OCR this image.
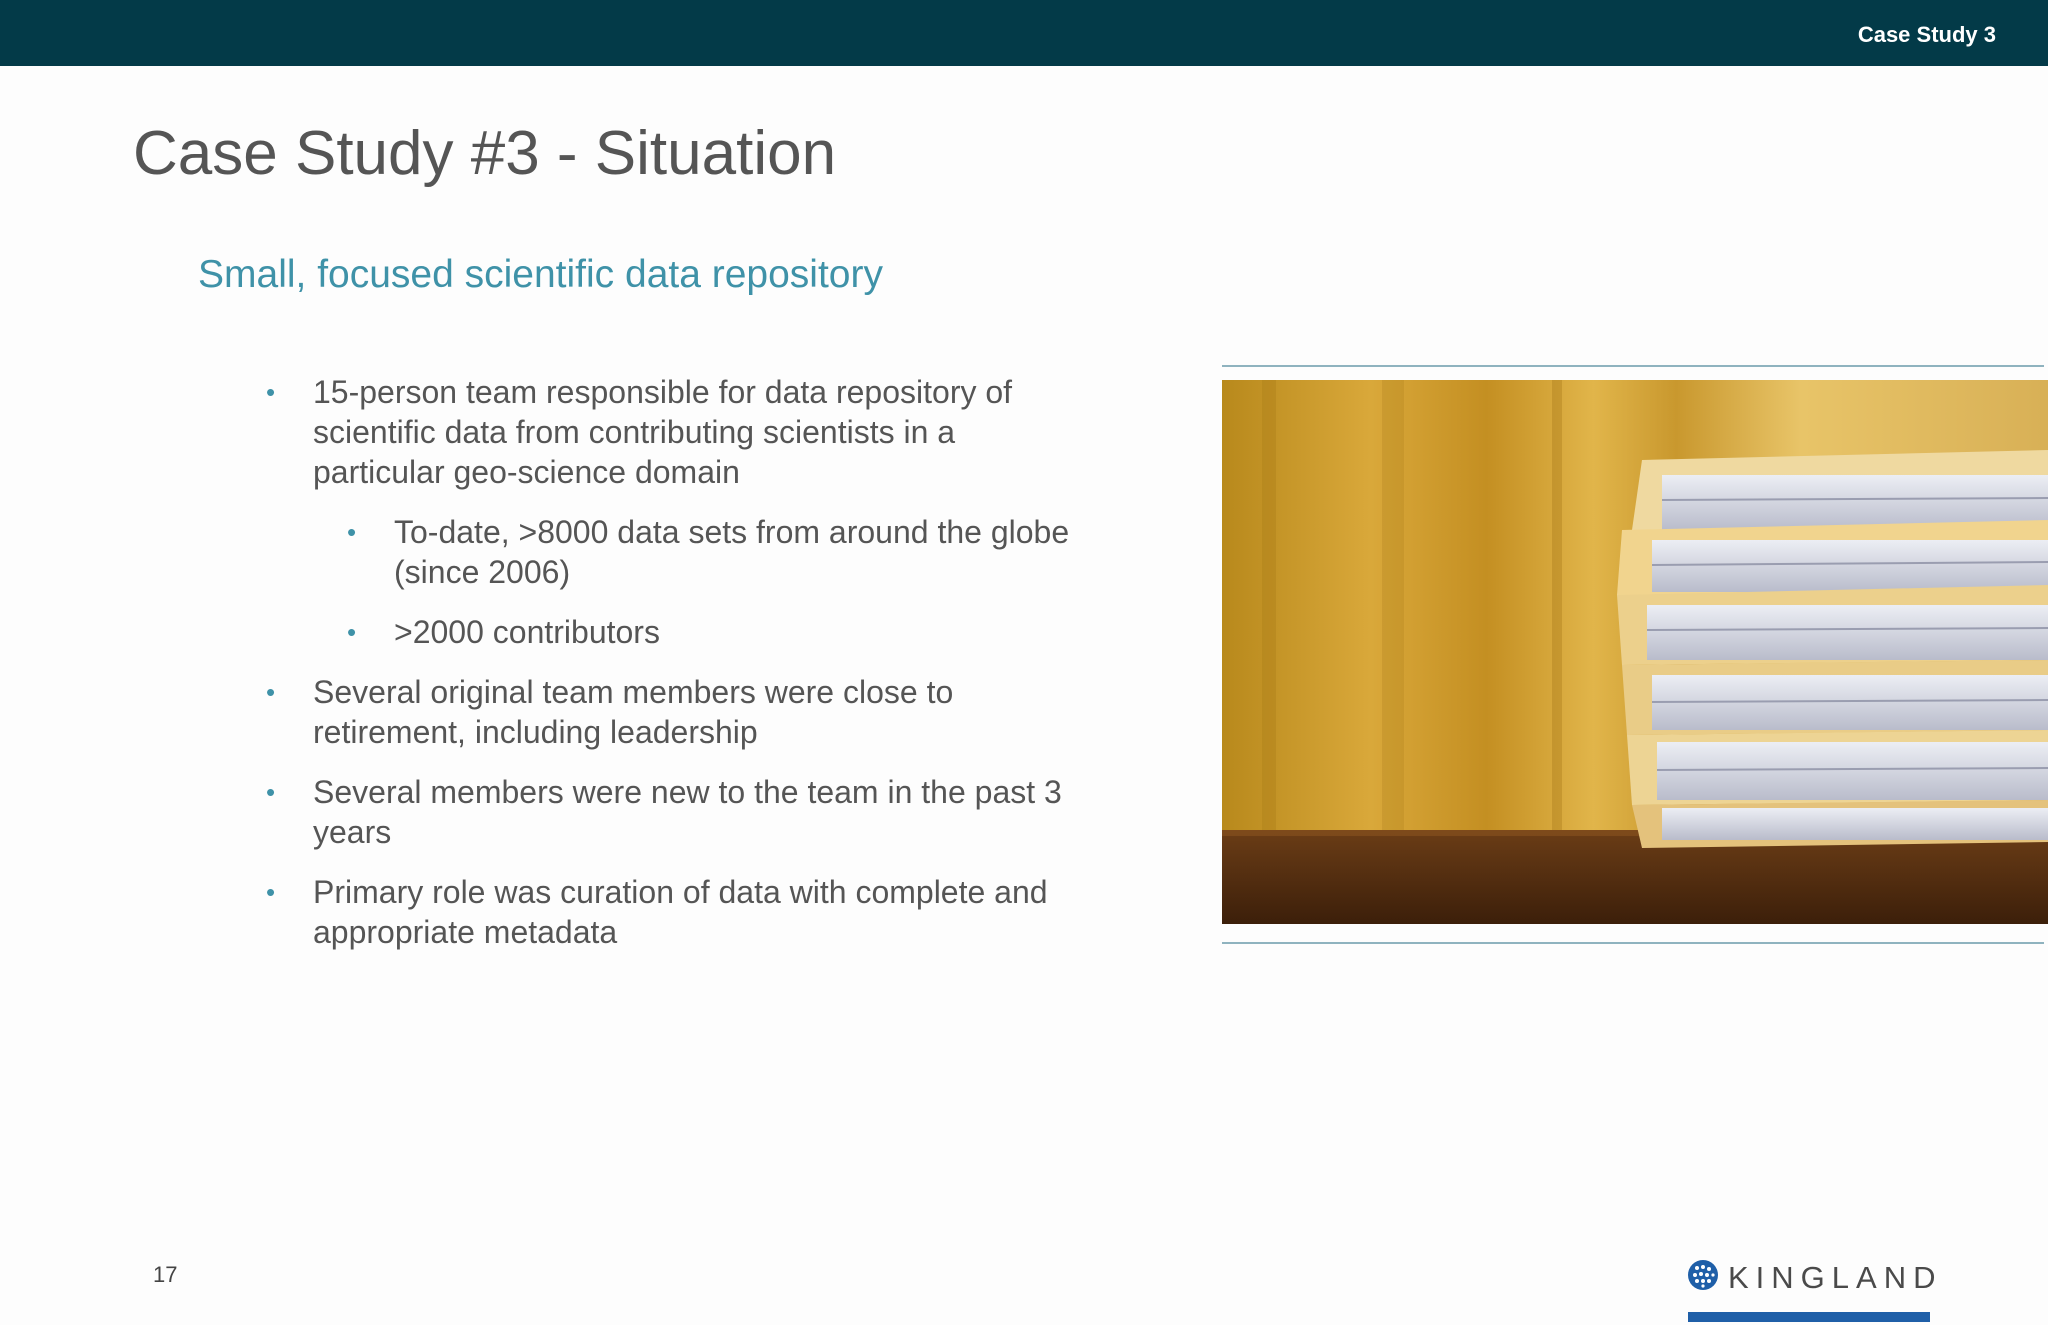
Case Study 3
Case Study #3 - Situation
Small, focused scientific data repository
• 15-person team responsible for data repository of scientific data from contributing scientists in a particular geo-science domain
• To-date, >8000 data sets from around the globe (since 2006)
• >2000 contributors
• Several original team members were close to retirement, including leadership
• Several members were new to the team in the past 3 years
• Primary role was curation of data with complete and appropriate metadata
17	KINGLAND
